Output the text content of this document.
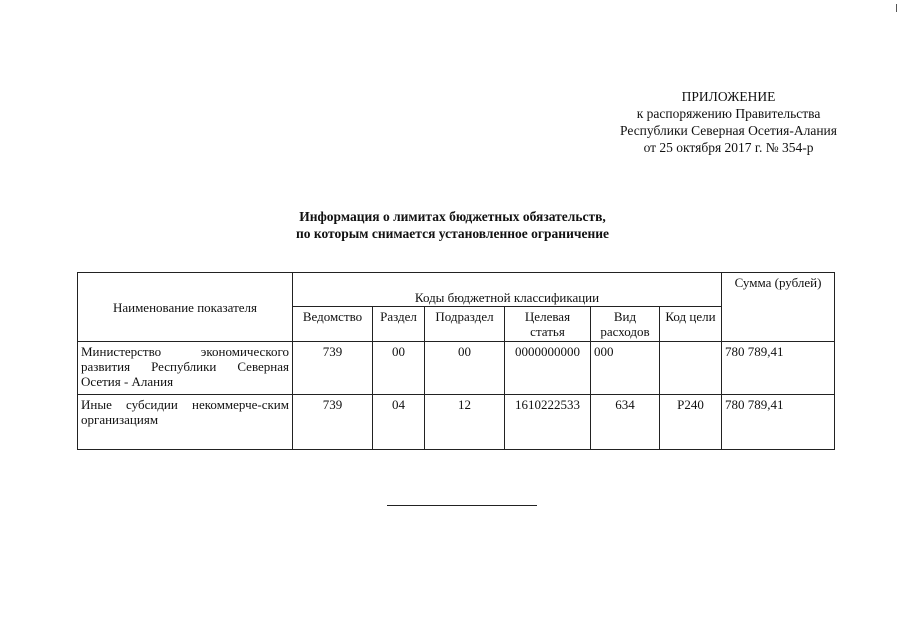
ПРИЛОЖЕНИЕ
к распоряжению Правительства
Республики Северная Осетия-Алания
от 25 октября 2017 г. № 354-р
Информация о лимитах бюджетных обязательств,
по которым снимается установленное ограничение
Наименование показателя	Коды бюджетной классификации						Сумма (рублей)
	Ведомство	Раздел	Подраздел	Целевая статья	Вид расходов	Код цели	
Министерство экономического развития Республики Северная Осетия - Алания	739	00	00	0000000000	000		780 789,41
Иные субсидии некоммерче-ским организациям	739	04	12	1610222533	634	Р240	780 789,41
